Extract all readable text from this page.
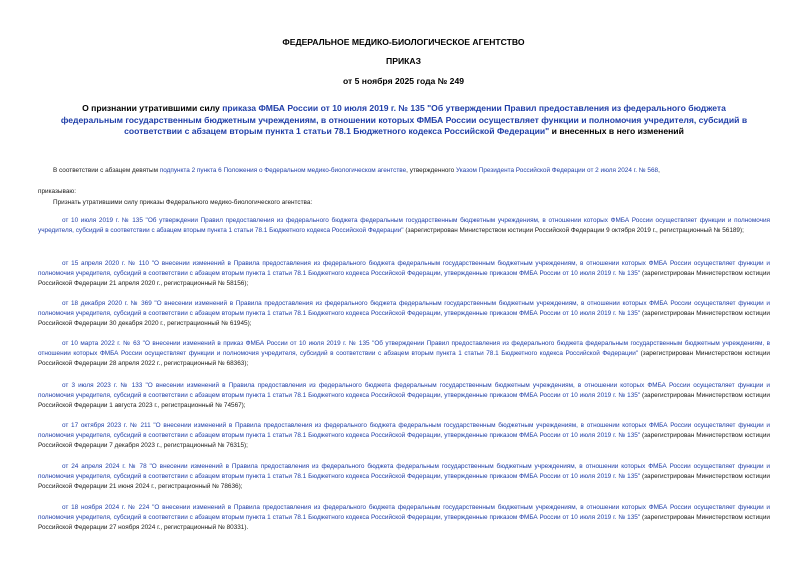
ФЕДЕРАЛЬНОЕ МЕДИКО-БИОЛОГИЧЕСКОЕ АГЕНТСТВО
ПРИКАЗ
от 5 ноября 2025 года № 249
О признании утратившими силу приказа ФМБА России от 10 июля 2019 г. № 135 "Об утверждении Правил предоставления из федерального бюджета федеральным государственным бюджетным учреждениям, в отношении которых ФМБА России осуществляет функции и полномочия учредителя, субсидий в соответствии с абзацем вторым пункта 1 статьи 78.1 Бюджетного кодекса Российской Федерации" и внесенных в него изменений
В соответствии с абзацем девятым подпункта 2 пункта 6 Положения о Федеральном медико-биологическом агентстве, утвержденного Указом Президента Российской Федерации от 2 июля 2024 г. № 568,
приказываю:
Признать утратившими силу приказы Федерального медико-биологического агентства:
от 10 июля 2019 г. № 135 "Об утверждении Правил предоставления из федерального бюджета федеральным государственным бюджетным учреждениям, в отношении которых ФМБА России осуществляет функции и полномочия учредителя, субсидий в соответствии с абзацем вторым пункта 1 статьи 78.1 Бюджетного кодекса Российской Федерации" (зарегистрирован Министерством юстиции Российской Федерации 9 октября 2019 г., регистрационный № 56189);
от 15 апреля 2020 г. № 110 "О внесении изменений в Правила предоставления из федерального бюджета федеральным государственным бюджетным учреждениям, в отношении которых ФМБА России осуществляет функции и полномочия учредителя, субсидий в соответствии с абзацем вторым пункта 1 статьи 78.1 Бюджетного кодекса Российской Федерации, утвержденные приказом ФМБА России от 10 июля 2019 г. № 135" (зарегистрирован Министерством юстиции Российской Федерации 21 апреля 2020 г., регистрационный № 58156);
от 18 декабря 2020 г. № 369 "О внесении изменений в Правила предоставления из федерального бюджета федеральным государственным бюджетным учреждениям, в отношении которых ФМБА России осуществляет функции и полномочия учредителя, субсидий в соответствии с абзацем вторым пункта 1 статьи 78.1 Бюджетного кодекса Российской Федерации, утвержденные приказом ФМБА России от 10 июля 2019 г. № 135" (зарегистрирован Министерством юстиции Российской Федерации 30 декабря 2020 г., регистрационный № 61945);
от 10 марта 2022 г. № 63 "О внесении изменений в приказ ФМБА России от 10 июля 2019 г. № 135 "Об утверждении Правил предоставления из федерального бюджета федеральным государственным бюджетным учреждениям, в отношении которых ФМБА России осуществляет функции и полномочия учредителя, субсидий в соответствии с абзацем вторым пункта 1 статьи 78.1 Бюджетного кодекса Российской Федерации" (зарегистрирован Министерством юстиции Российской Федерации 28 апреля 2022 г., регистрационный № 68363);
от 3 июля 2023 г. № 133 "О внесении изменений в Правила предоставления из федерального бюджета федеральным государственным бюджетным учреждениям, в отношении которых ФМБА России осуществляет функции и полномочия учредителя, субсидий в соответствии с абзацем вторым пункта 1 статьи 78.1 Бюджетного кодекса Российской Федерации, утвержденные приказом ФМБА России от 10 июля 2019 г. № 135" (зарегистрирован Министерством юстиции Российской Федерации 1 августа 2023 г., регистрационный № 74567);
от 17 октября 2023 г. № 211 "О внесении изменений в Правила предоставления из федерального бюджета федеральным государственным бюджетным учреждениям, в отношении которых ФМБА России осуществляет функции и полномочия учредителя, субсидий в соответствии с абзацем вторым пункта 1 статьи 78.1 Бюджетного кодекса Российской Федерации, утвержденные приказом ФМБА России от 10 июля 2019 г. № 135" (зарегистрирован Министерством юстиции Российской Федерации 7 декабря 2023 г., регистрационный № 76315);
от 24 апреля 2024 г. № 78 "О внесении изменений в Правила предоставления из федерального бюджета федеральным государственным бюджетным учреждениям, в отношении которых ФМБА России осуществляет функции и полномочия учредителя, субсидий в соответствии с абзацем вторым пункта 1 статьи 78.1 Бюджетного кодекса Российской Федерации, утвержденные приказом ФМБА России от 10 июля 2019 г. № 135" (зарегистрирован Министерством юстиции Российской Федерации 21 июня 2024 г., регистрационный № 78636);
от 18 ноября 2024 г. № 224 "О внесении изменений в Правила предоставления из федерального бюджета федеральным государственным бюджетным учреждениям, в отношении которых ФМБА России осуществляет функции и полномочия учредителя, субсидий в соответствии с абзацем вторым пункта 1 статьи 78.1 Бюджетного кодекса Российской Федерации, утвержденные приказом ФМБА России от 10 июля 2019 г. № 135" (зарегистрирован Министерством юстиции Российской Федерации 27 ноября 2024 г., регистрационный № 80331).
